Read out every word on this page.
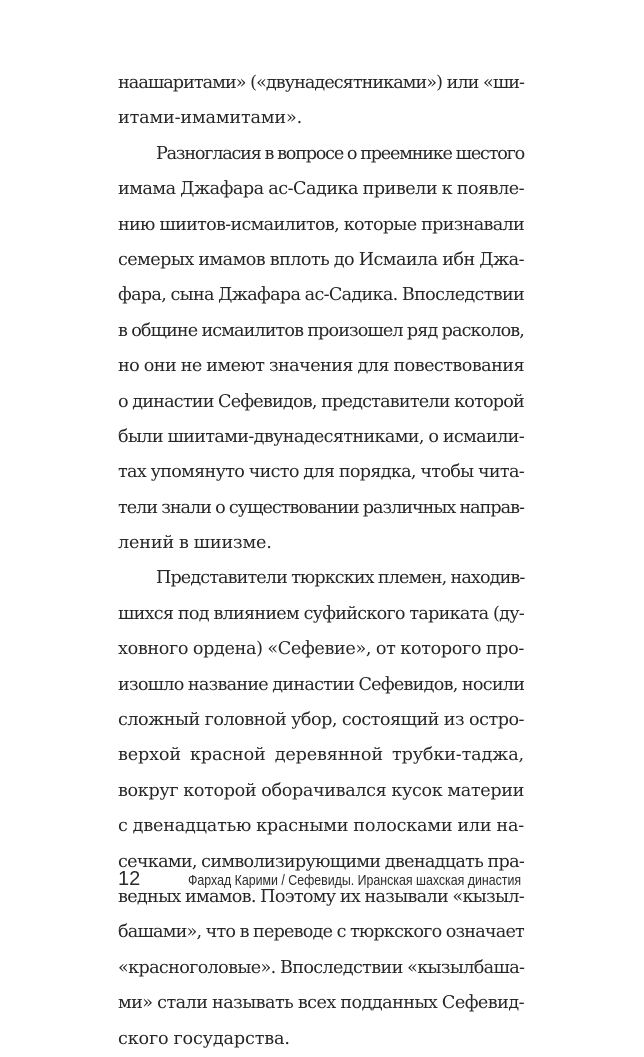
наашаритами» («двунадесятниками») или «ши-
итами-имамитами».
Разногласия в вопросе о преемнике шестого
имама Джафара ас-Садика привели к появле-
нию шиитов-исмаилитов, которые признавали
семерых имамов вплоть до Исмаила ибн Джа-
фара, сына Джафара ас-Садика. Впоследствии
в общине исмаилитов произошел ряд расколов,
но они не имеют значения для повествования
о династии Сефевидов, представители которой
были шиитами-двунадесятниками, о исмаили-
тах упомянуто чисто для порядка, чтобы чита-
тели знали о существовании различных направ-
лений в шиизме.
Представители тюркских племен, находив-
шихся под влиянием суфийского тариката (ду-
ховного ордена) «Сефевие», от которого про-
изошло название династии Сефевидов, носили
сложный головной убор, состоящий из остро-
верхой красной деревянной трубки-таджа,
вокруг которой оборачивался кусок материи
с двенадцатью красными полосками или на-
сечками, символизирующими двенадцать пра-
ведных имамов. Поэтому их называли «кызыл-
башами», что в переводе с тюркского означает
«красноголовые». Впоследствии «кызылбаша-
ми» стали называть всех подданных Сефевид-
ского государства.
12	Фархад Карими / Сефевиды. Иранская шахская династия
